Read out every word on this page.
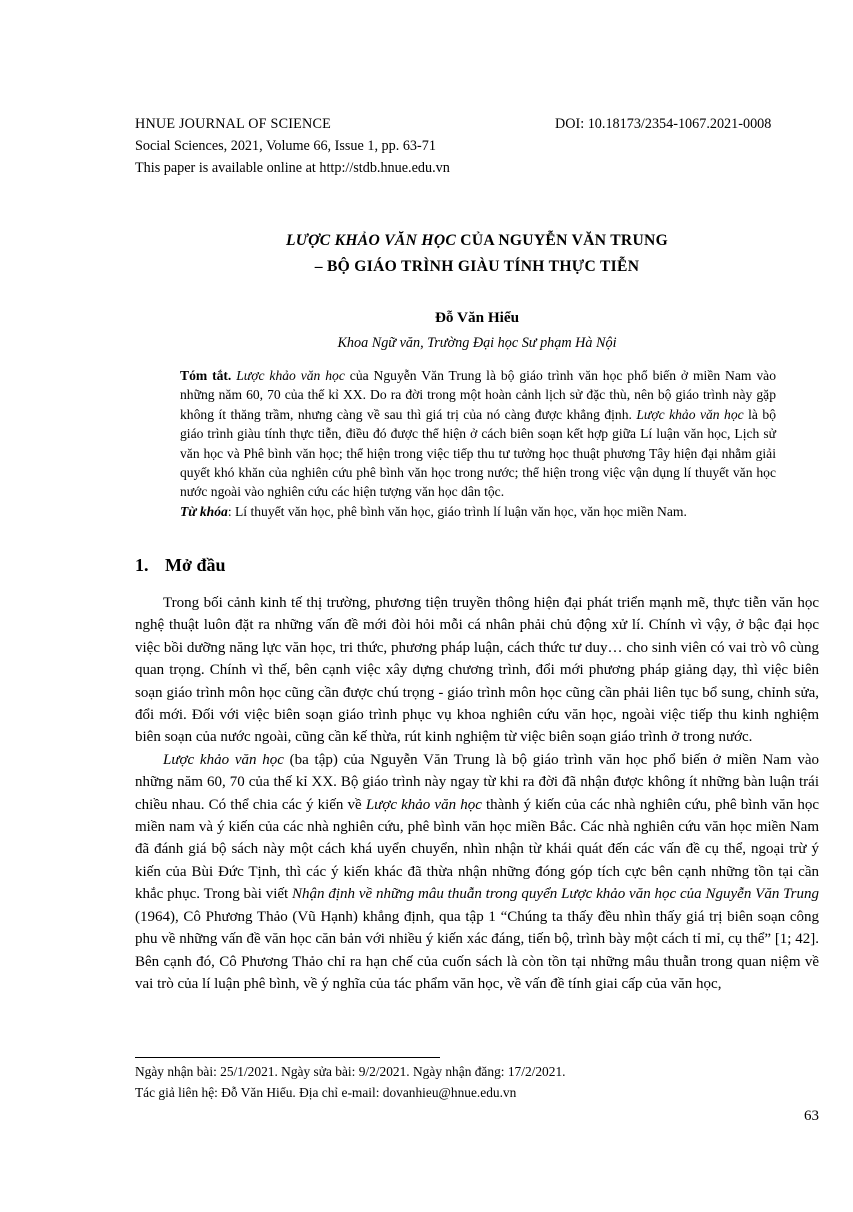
HNUE JOURNAL OF SCIENCE	DOI: 10.18173/2354-1067.2021-0008
Social Sciences, 2021, Volume 66, Issue 1, pp. 63-71
This paper is available online at http://stdb.hnue.edu.vn
LƯỢC KHẢO VĂN HỌC CỦA NGUYỄN VĂN TRUNG
– BỘ GIÁO TRÌNH GIÀU TÍNH THỰC TIỄN

Đỗ Văn Hiểu

Khoa Ngữ văn, Trường Đại học Sư phạm Hà Nội

Tóm tắt. Lược khảo văn học của Nguyễn Văn Trung là bộ giáo trình văn học phổ biến ở miền Nam vào những năm 60, 70 của thế kỉ XX. Do ra đời trong một hoàn cảnh lịch sử đặc thù, nên bộ giáo trình này gặp không ít thăng trầm, nhưng càng về sau thì giá trị của nó càng được khẳng định. Lược khảo văn học là bộ giáo trình giàu tính thực tiễn, điều đó được thể hiện ở cách biên soạn kết hợp giữa Lí luận văn học, Lịch sử văn học và Phê bình văn học; thể hiện trong việc tiếp thu tư tưởng học thuật phương Tây hiện đại nhằm giải quyết khó khăn của nghiên cứu phê bình văn học trong nước; thể hiện trong việc vận dụng lí thuyết văn học nước ngoài vào nghiên cứu các hiện tượng văn học dân tộc.

Từ khóa: Lí thuyết văn học, phê bình văn học, giáo trình lí luận văn học, văn học miền Nam.

1. Mở đầu

Trong bối cảnh kinh tế thị trường, phương tiện truyền thông hiện đại phát triển mạnh mẽ, thực tiễn văn học nghệ thuật luôn đặt ra những vấn đề mới đòi hỏi mỗi cá nhân phải chủ động xử lí. Chính vì vậy, ở bậc đại học việc bồi dưỡng năng lực văn học, tri thức, phương pháp luận, cách thức tư duy… cho sinh viên có vai trò vô cùng quan trọng. Chính vì thế, bên cạnh việc xây dựng chương trình, đổi mới phương pháp giảng dạy, thì việc biên soạn giáo trình môn học cũng cần được chú trọng - giáo trình môn học cũng cần phải liên tục bổ sung, chỉnh sửa, đổi mới. Đối với việc biên soạn giáo trình phục vụ khoa nghiên cứu văn học, ngoài việc tiếp thu kinh nghiệm biên soạn của nước ngoài, cũng cần kế thừa, rút kinh nghiệm từ việc biên soạn giáo trình ở trong nước.

Lược khảo văn học (ba tập) của Nguyễn Văn Trung là bộ giáo trình văn học phổ biến ở miền Nam vào những năm 60, 70 của thế kỉ XX. Bộ giáo trình này ngay từ khi ra đời đã nhận được không ít những bàn luận trái chiều nhau. Có thể chia các ý kiến về Lược khảo văn học thành ý kiến của các nhà nghiên cứu, phê bình văn học miền nam và ý kiến của các nhà nghiên cứu, phê bình văn học miền Bắc. Các nhà nghiên cứu văn học miền Nam đã đánh giá bộ sách này một cách khá uyển chuyển, nhìn nhận từ khái quát đến các vấn đề cụ thể, ngoại trừ ý kiến của Bùi Đức Tịnh, thì các ý kiến khác đã thừa nhận những đóng góp tích cực bên cạnh những tồn tại cần khắc phục. Trong bài viết Nhận định về những mâu thuẫn trong quyển Lược khảo văn học của Nguyễn Văn Trung (1964), Cô Phương Thảo (Vũ Hạnh) khẳng định, qua tập 1 “Chúng ta thấy đều nhìn thấy giá trị biên soạn công phu về những vấn đề văn học căn bản với nhiều ý kiến xác đáng, tiến bộ, trình bày một cách tỉ mỉ, cụ thể” [1; 42]. Bên cạnh đó, Cô Phương Thảo chỉ ra hạn chế của cuốn sách là còn tồn tại những mâu thuẫn trong quan niệm về vai trò của lí luận phê bình, về ý nghĩa của tác phẩm văn học, về vấn đề tính giai cấp của văn học,

Ngày nhận bài: 25/1/2021. Ngày sửa bài: 9/2/2021. Ngày nhận đăng: 17/2/2021.
Tác giả liên hệ: Đỗ Văn Hiểu. Địa chỉ e-mail: dovanhieu@hnue.edu.vn
63
